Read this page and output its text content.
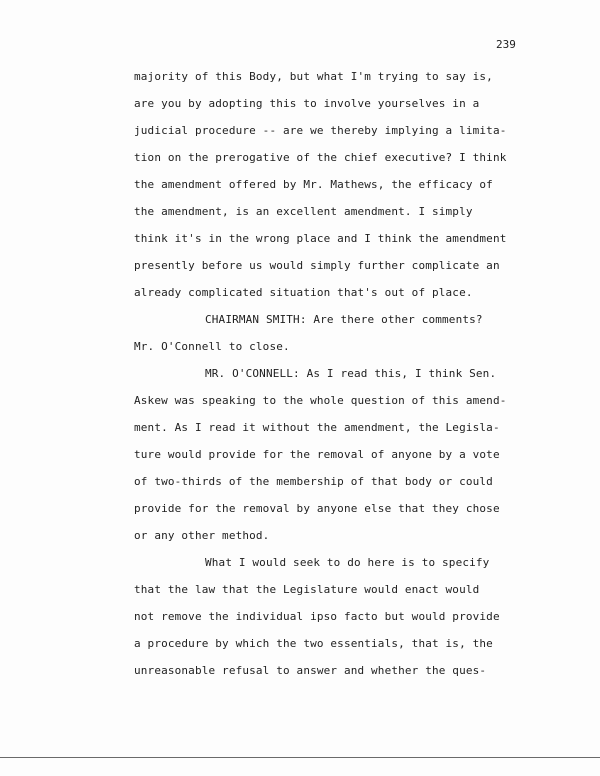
239
majority of this Body, but what I'm trying to say is,
are you by adopting this to involve yourselves in a
judicial procedure -- are we thereby implying a limita-
tion on the prerogative of the chief executive? I think
the amendment offered by Mr. Mathews, the efficacy of
the amendment, is an excellent amendment. I simply
think it's in the wrong place and I think the amendment
presently before us would simply further complicate an
already complicated situation that's out of place.
CHAIRMAN SMITH: Are there other comments?
Mr. O'Connell to close.
MR. O'CONNELL: As I read this, I think Sen.
Askew was speaking to the whole question of this amend-
ment. As I read it without the amendment, the Legisla-
ture would provide for the removal of anyone by a vote
of two-thirds of the membership of that body or could
provide for the removal by anyone else that they chose
or any other method.
What I would seek to do here is to specify
that the law that the Legislature would enact would
not remove the individual ipso facto but would provide
a procedure by which the two essentials, that is, the
unreasonable refusal to answer and whether the ques-
